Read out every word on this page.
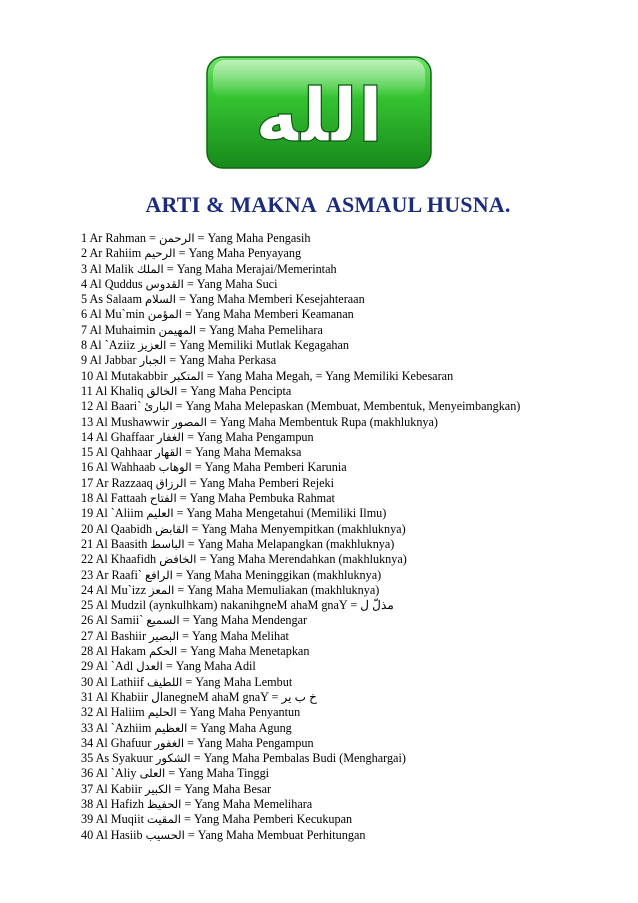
الله
ARTI & MAKNA  ASMAUL HUSNA.
1 Ar Rahman = الرحمن = Yang Maha Pengasih
2 Ar Rahiim الرحيم = Yang Maha Penyayang
3 Al Malik الملك = Yang Maha Merajai/Memerintah
4 Al Quddus القدوس = Yang Maha Suci
5 As Salaam السلام = Yang Maha Memberi Kesejahteraan
6 Al Mu`min المؤمن = Yang Maha Memberi Keamanan
7 Al Muhaimin المهيمن = Yang Maha Pemelihara
8 Al `Aziiz العزيز = Yang Memiliki Mutlak Kegagahan
9 Al Jabbar الجبار = Yang Maha Perkasa
10 Al Mutakabbir المتكبر = Yang Maha Megah, = Yang Memiliki Kebesaran
11 Al Khaliq الخالق = Yang Maha Pencipta
12 Al Baari` البارئ = Yang Maha Melepaskan (Membuat, Membentuk, Menyeimbangkan)
13 Al Mushawwir المصور = Yang Maha Membentuk Rupa (makhluknya)
14 Al Ghaffaar الغفار = Yang Maha Pengampun
15 Al Qahhaar القهار = Yang Maha Memaksa
16 Al Wahhaab الوهاب = Yang Maha Pemberi Karunia
17 Ar Razzaaq الرزاق = Yang Maha Pemberi Rejeki
18 Al Fattaah الفتاح = Yang Maha Pembuka Rahmat
19 Al `Aliim العليم = Yang Maha Mengetahui (Memiliki Ilmu)
20 Al Qaabidh القابض = Yang Maha Menyempitkan (makhluknya)
21 Al Baasith الباسط = Yang Maha Melapangkan (makhluknya)
22 Al Khaafidh الخافض = Yang Maha Merendahkan (makhluknya)
23 Ar Raafi` الرافع = Yang Maha Meninggikan (makhluknya)
24 Al Mu`izz المعز = Yang Maha Memuliakan (makhluknya)
25 Al Mudzil (aynkulhkam) nakanihgneM ahaM gnaY = مذلّ ل
26 Al Samii` السميع = Yang Maha Mendengar
27 Al Bashiir البصير = Yang Maha Melihat
28 Al Hakam الحكم = Yang Maha Menetapkan
29 Al `Adl العدل = Yang Maha Adil
30 Al Lathiif اللطيف = Yang Maha Lembut
31 Al Khabiir ال​anegneM ahaM gnaY = خ ب ير
32 Al Haliim الحليم = Yang Maha Penyantun
33 Al `Azhiim العظيم = Yang Maha Agung
34 Al Ghafuur الغفور = Yang Maha Pengampun
35 As Syakuur الشكور = Yang Maha Pembalas Budi (Menghargai)
36 Al `Aliy العلى = Yang Maha Tinggi
37 Al Kabiir الكبير = Yang Maha Besar
38 Al Hafizh الحفيظ = Yang Maha Memelihara
39 Al Muqiit المقيت = Yang Maha Pemberi Kecukupan
40 Al Hasiib الحسيب = Yang Maha Membuat Perhitungan
